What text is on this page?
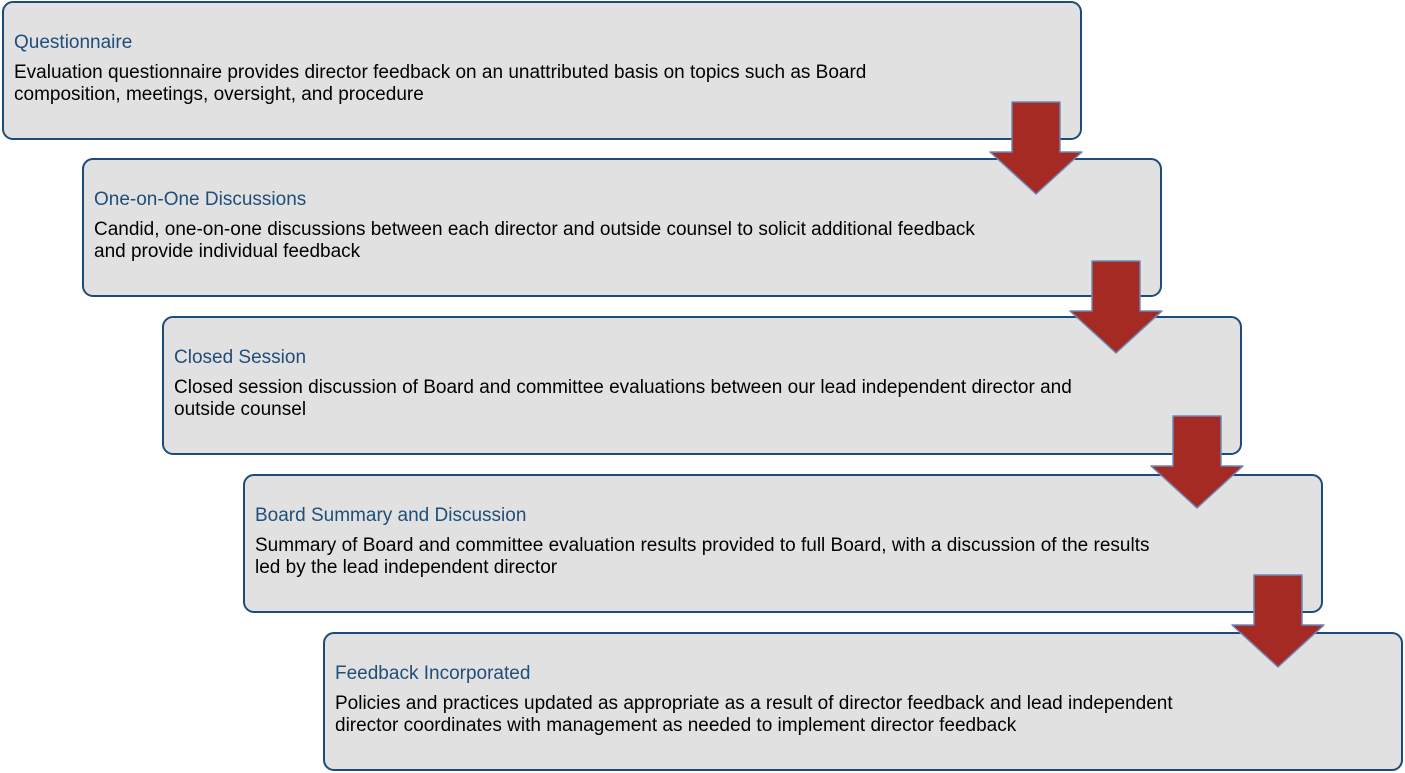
Questionnaire
Evaluation questionnaire provides director feedback on an unattributed basis on topics such as Board composition, meetings, oversight, and procedure
One-on-One Discussions
Candid, one-on-one discussions between each director and outside counsel to solicit additional feedback and provide individual feedback
Closed Session
Closed session discussion of Board and committee evaluations between our lead independent director and outside counsel
Board Summary and Discussion
Summary of Board and committee evaluation results provided to full Board, with a discussion of the results led by the lead independent director
Feedback Incorporated
Policies and practices updated as appropriate as a result of director feedback and lead independent director coordinates with management as needed to implement director feedback
